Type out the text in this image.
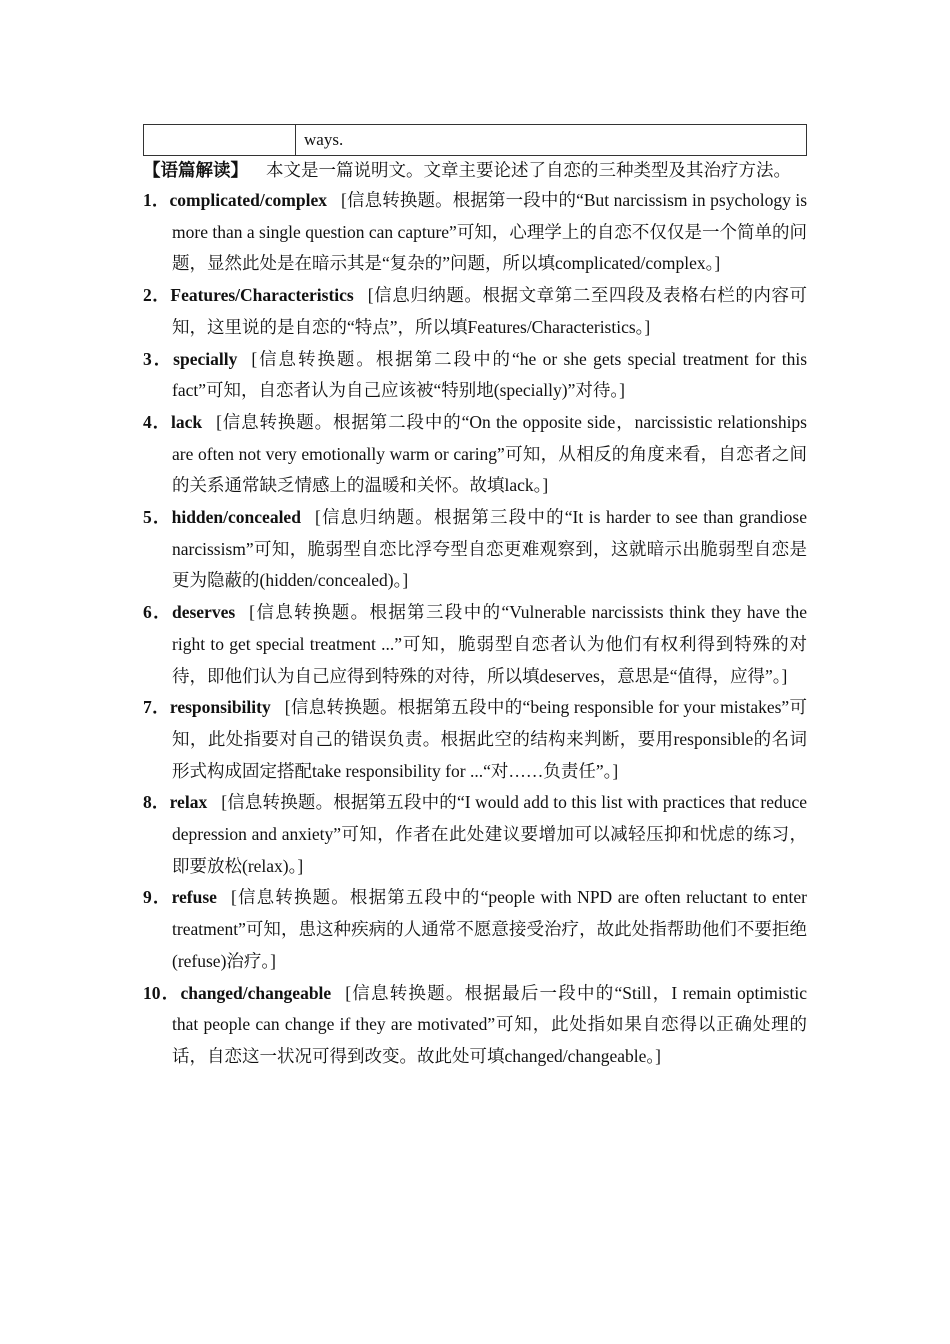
	ways.
【语篇解读】 本文是一篇说明文。文章主要论述了自恋的三种类型及其治疗方法。
1．complicated/complex [信息转换题。根据第一段中的“But narcissism in psychology is more than a single question can capture”可知，心理学上的自恋不仅仅是一个简单的问题，显然此处是在暗示其是“复杂的”问题，所以填complicated/complex。]
2．Features/Characteristics [信息归纳题。根据文章第二至四段及表格右栏的内容可知，这里说的是自恋的“特点”，所以填Features/Characteristics。]
3．specially [信息转换题。根据第二段中的“he or she gets special treatment for this fact”可知，自恋者认为自己应该被“特别地(specially)”对待。]
4．lack [信息转换题。根据第二段中的“On the opposite side，narcissistic relationships are often not very emotionally warm or caring”可知，从相反的角度来看，自恋者之间的关系通常缺乏情感上的温暖和关怀。故填lack。]
5．hidden/concealed [信息归纳题。根据第三段中的“It is harder to see than grandiose narcissism”可知，脆弱型自恋比浮夸型自恋更难观察到，这就暗示出脆弱型自恋是更为隐蔽的(hidden/concealed)。]
6．deserves [信息转换题。根据第三段中的“Vulnerable narcissists think they have the right to get special treatment ...”可知，脆弱型自恋者认为他们有权利得到特殊的对待，即他们认为自己应得到特殊的对待，所以填deserves，意思是“值得，应得”。]
7．responsibility [信息转换题。根据第五段中的“being responsible for your mistakes”可知，此处指要对自己的错误负责。根据此空的结构来判断，要用responsible的名词形式构成固定搭配take responsibility for ...“对……负责任”。]
8．relax [信息转换题。根据第五段中的“I would add to this list with practices that reduce depression and anxiety”可知，作者在此处建议要增加可以减轻压抑和忧虑的练习，即要放松(relax)。]
9．refuse [信息转换题。根据第五段中的“people with NPD are often reluctant to enter treatment”可知，患这种疾病的人通常不愿意接受治疗，故此处指帮助他们不要拒绝(refuse)治疗。]
10．changed/changeable [信息转换题。根据最后一段中的“Still，I remain optimistic that people can change if they are motivated”可知，此处指如果自恋得以正确处理的话，自恋这一状况可得到改变。故此处可填changed/changeable。]
